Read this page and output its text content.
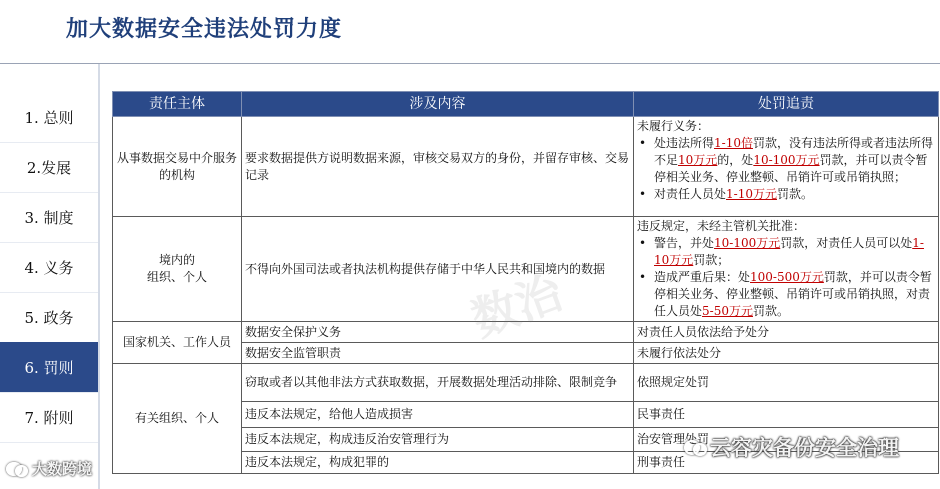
加大数据安全违法处罚力度
1. 总则
2.发展
3. 制度
4. 义务
5. 政务
6. 罚则
7. 附则
责任主体	涉及内容	处罚追责
从事数据交易中介服务的机构	要求数据提供方说明数据来源，审核交易双方的身份，并留存审核、交易记录	未履行义务：
• 处违法所得1-10倍罚款，没有违法所得或者违法所得不足10万元的，处10-100万元罚款，并可以责令暂停相关业务、停业整顿、吊销许可或吊销执照；
• 对责任人员处1-10万元罚款。

境内的
组织、个人	不得向外国司法或者执法机构提供存储于中华人民共和国境内的数据	违反规定，未经主管机关批准：
• 警告，并处10-100万元罚款，对责任人员可以处1-10万元罚款；
• 造成严重后果：处100-500万元罚款，并可以责令暂停相关业务、停业整顿、吊销许可或吊销执照，对责任人员处5-50万元罚款。

国家机关、工作人员	数据安全保护义务	对责任人员依法给予处分
	数据安全监管职责	未履行依法处分
有关组织、个人	窃取或者以其他非法方式获取数据，开展数据处理活动排除、限制竞争	依照规定处罚
	违反本法规定，给他人造成损害	民事责任
	违反本法规定，构成违反治安管理行为	治安管理处罚
	违反本法规定，构成犯罪的	刑事责任
数治
大数跨境
云容灾备份安全治理
